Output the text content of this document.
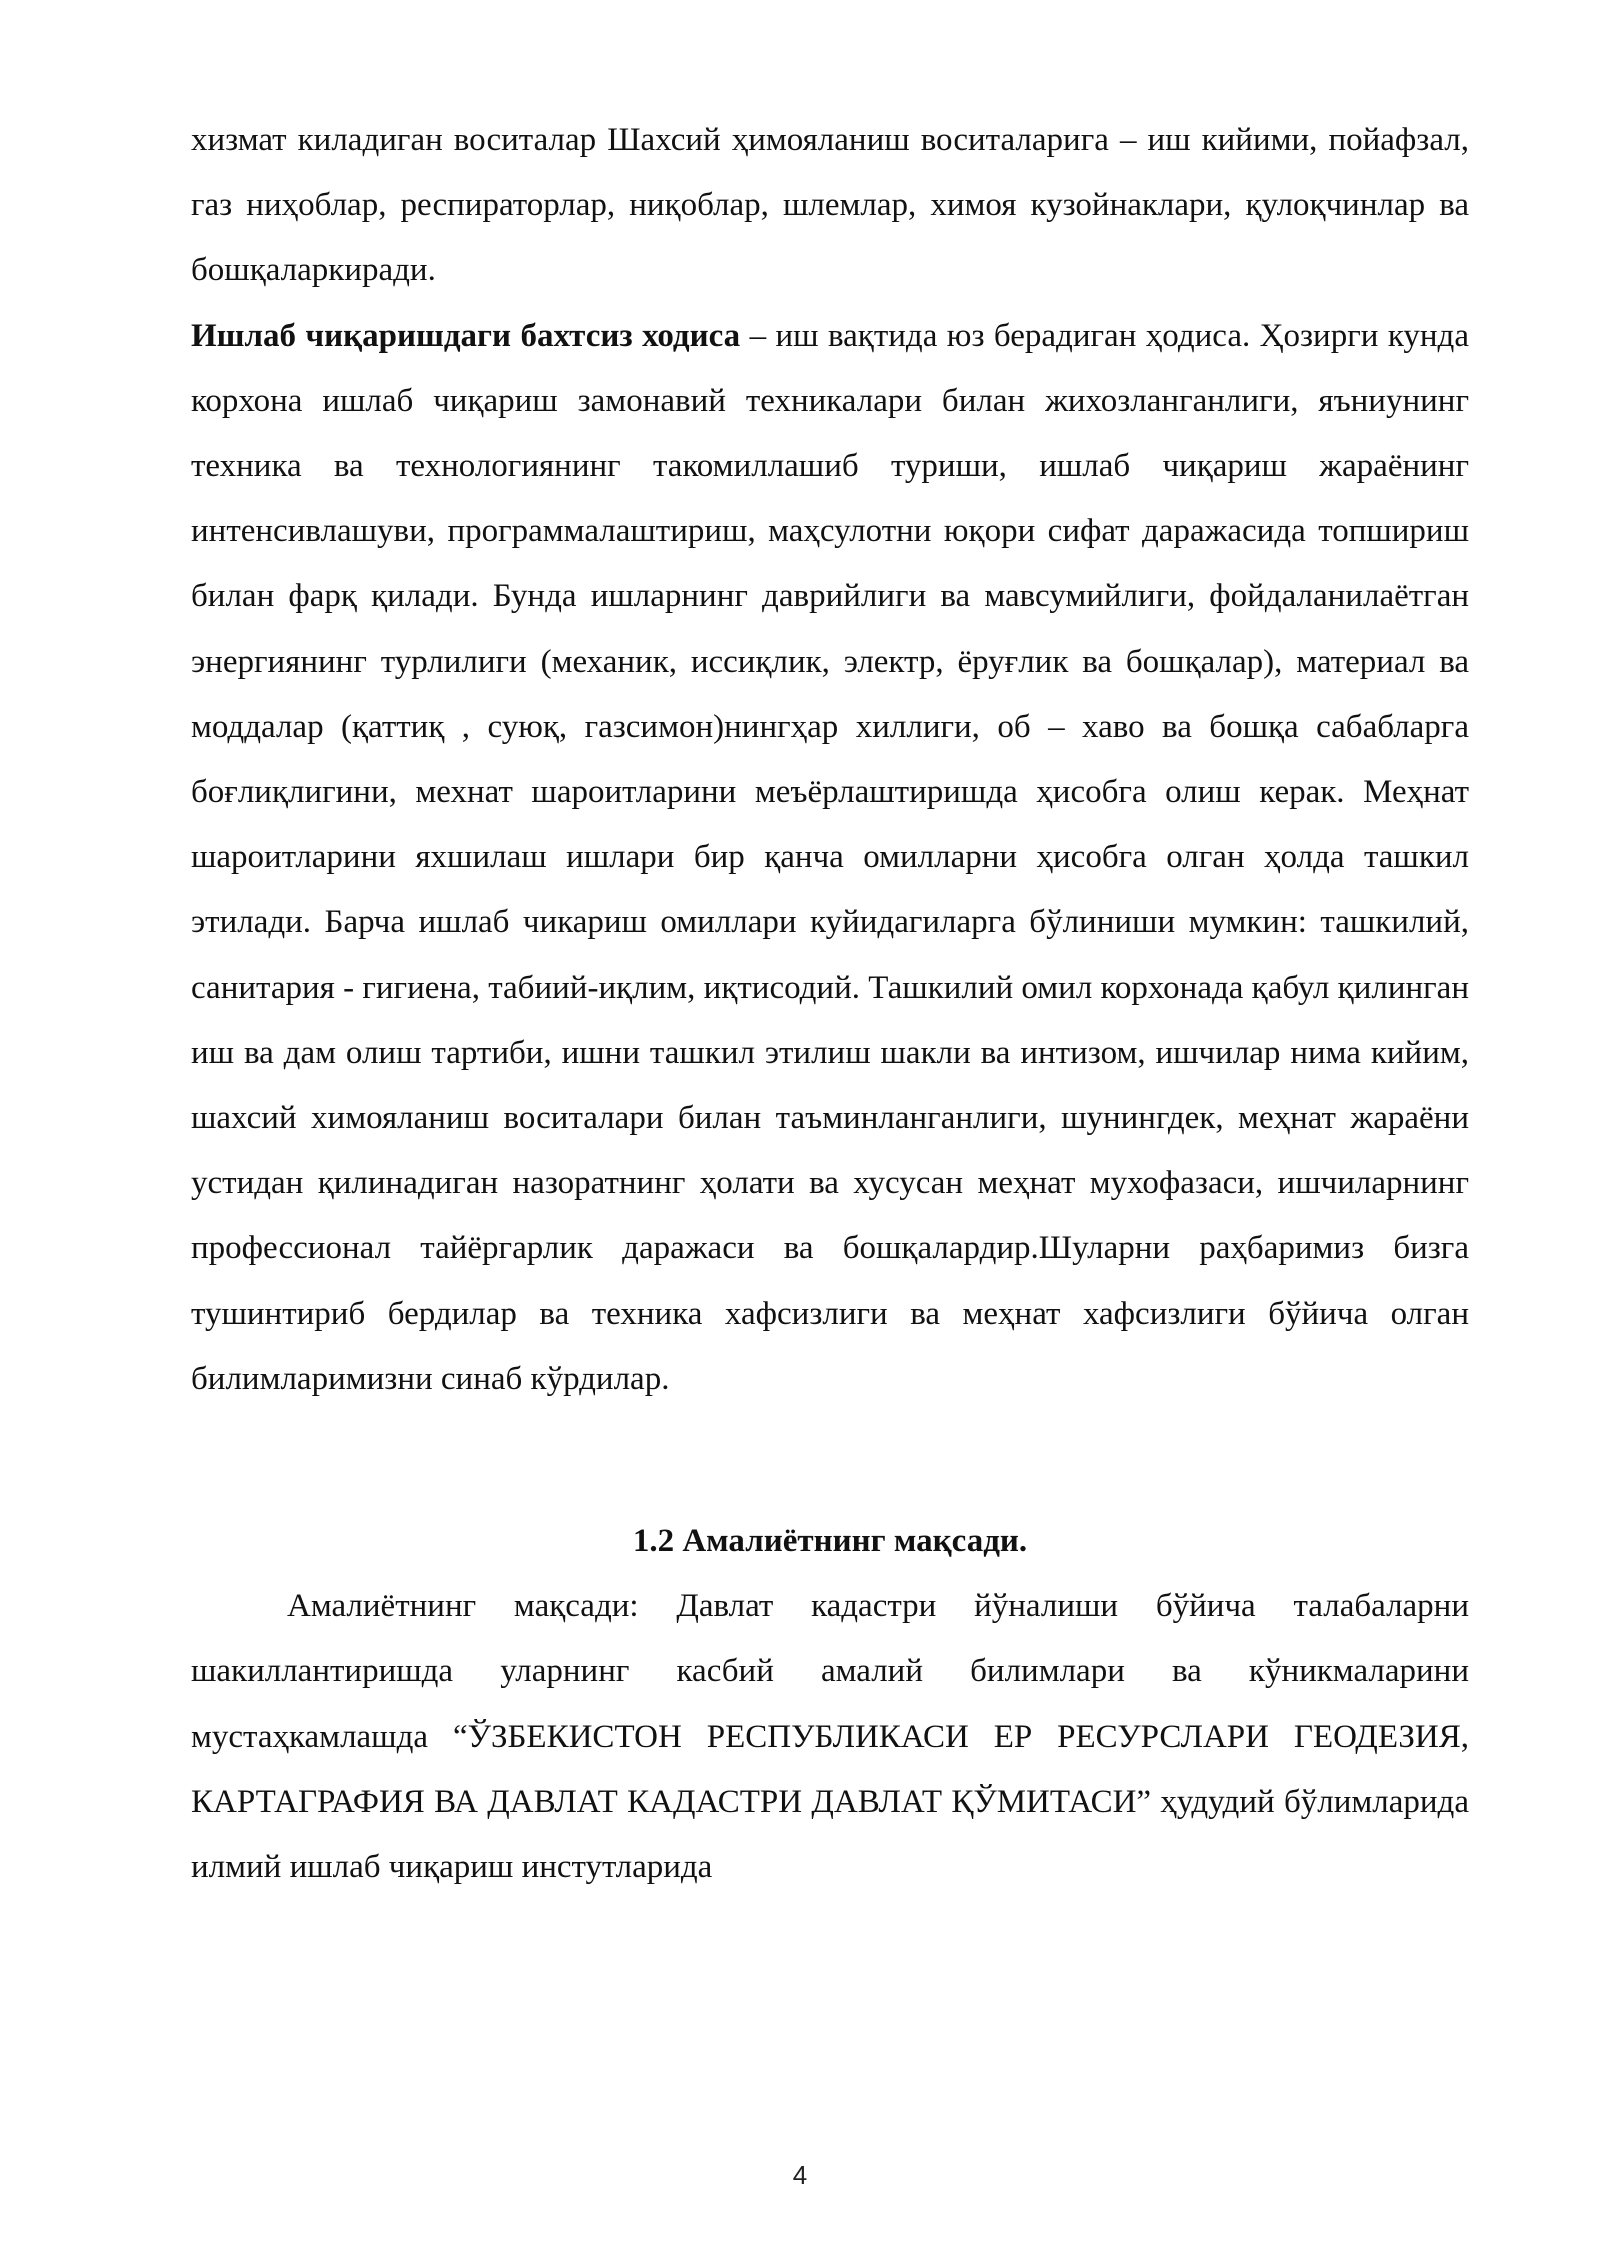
хизмат киладиган воситалар Шахсий ҳимояланиш воситаларига – иш кийими, пойафзал, газ ниҳоблар, респираторлар, ниқоблар, шлемлар, химоя кузойнаклари, қулоқчинлар ва бошқаларкиради.

Ишлаб чиқаришдаги бахтсиз ходиса – иш вақтида юз берадиган ҳодиса. Ҳозирги кунда корхона ишлаб чиқариш замонавий техникалари билан жихозланганлиги, яъниунинг техника ва технологиянинг такомиллашиб туриши, ишлаб чиқариш жараёнинг интенсивлашуви, программалаштириш, маҳсулотни юқори сифат даражасида топшириш билан фарқ қилади. Бунда ишларнинг даврийлиги ва мавсумийлиги, фойдаланилаётган энергиянинг турлилиги (механик, иссиқлик, электр, ёруғлик ва бошқалар), материал ва моддалар (қаттиқ , суюқ, газсимон)нингҳар хиллиги, об – хаво ва бошқа сабабларга боғлиқлигини, мехнат шароитларини меъёрлаштиришда ҳисобга олиш керак. Меҳнат шароитларини яхшилаш ишлари бир қанча омилларни ҳисобга олган ҳолда ташкил этилади. Барча ишлаб чикариш омиллари куйидагиларга бўлиниши мумкин: ташкилий, санитария - гигиена, табиий-иқлим, иқтисодий. Ташкилий омил корхонада қабул қилинган иш ва дам олиш тартиби, ишни ташкил этилиш шакли ва интизом, ишчилар нима кийим, шахсий химояланиш воситалари билан таъминланганлиги, шунингдек, меҳнат жараёни устидан қилинадиган назоратнинг ҳолати ва хусусан меҳнат мухофазаси, ишчиларнинг профессионал тайёргарлик даражаси ва бошқалардир.Шуларни раҳбаримиз бизга тушинтириб бердилар ва техника хафсизлиги ва меҳнат хафсизлиги бўйича олган билимларимизни синаб кўрдилар.

1.2 Амалиётнинг мақсади.

Амалиётнинг мақсади: Давлат кадастри йўналиши бўйича талабаларни шакиллантиришда уларнинг касбий амалий билимлари ва кўникмаларини мустаҳкамлашда “ЎЗБЕКИСТОН РЕСПУБЛИКАСИ ЕР РЕСУРСЛАРИ ГЕОДЕЗИЯ, КАРТАГРАФИЯ ВА ДАВЛАТ КАДАСТРИ ДАВЛАТ ҚЎМИТАСИ” ҳудудий бўлимларида илмий ишлаб чиқариш инстутларида

4
